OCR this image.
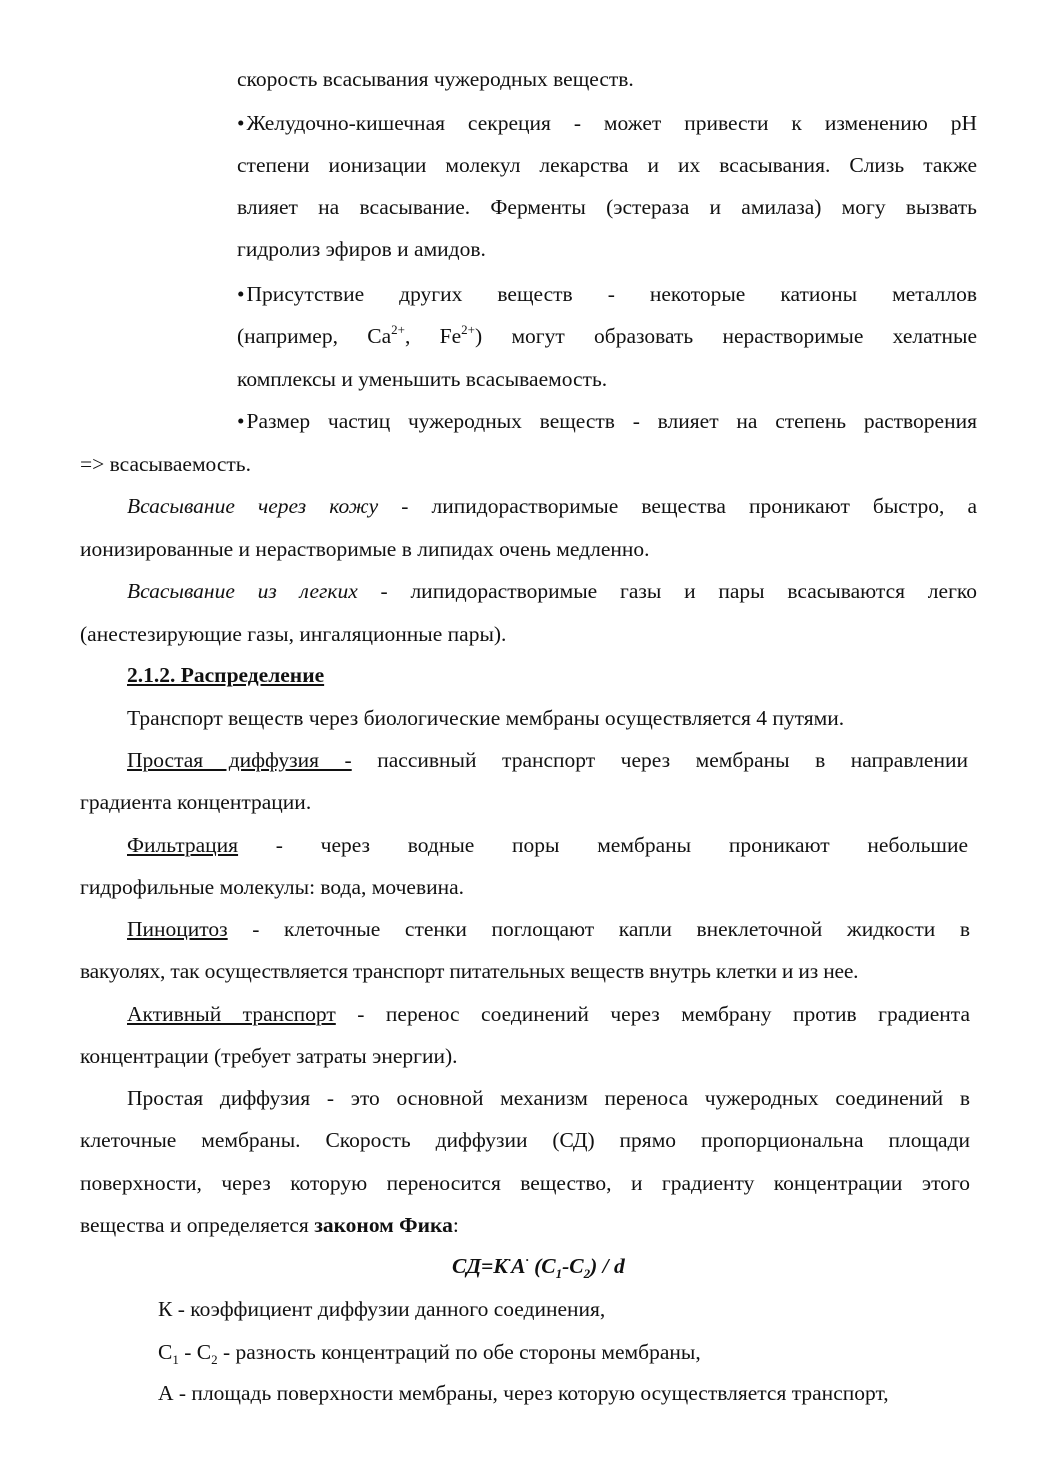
скорость всасывания чужеродных веществ.

•Желудочно-кишечная секреция - может привести к изменению pH

степени ионизации молекул лекарства и их всасывания. Слизь также

влияет на всасывание. Ферменты (эстераза и амилаза) могу вызвать

гидролиз эфиров и амидов.

•Присутствие других веществ - некоторые катионы металлов

(например, $Ca^{2+}$, $Fe^{2+}$) могут образовать нерастворимые хелатные

комплексы и уменьшить всасываемость.

•Размер частиц чужеродных веществ - влияет на степень растворения

=> всасываемость.

Всасывание через кожу - липидорастворимые вещества проникают быстро, а

ионизированные и нерастворимые в липидах очень медленно.

Всасывание из легких - липидорастворимые газы и пары всасываются легко

(анестезирующие газы, ингаляционные пары).

2.1.2. Распределение

Транспорт веществ через биологические мембраны осуществляется 4 путями.

Простая диффузия - пассивный транспорт через мембраны в направлении

градиента концентрации.

Фильтрация - через водные поры мембраны проникают небольшие

гидрофильные молекулы: вода, мочевина.

Пиноцитоз - клеточные стенки поглощают капли внеклеточной жидкости в

вакуолях, так осуществляется транспорт питательных веществ внутрь клетки и из нее.

Активный транспорт - перенос соединений через мембрану против градиента

концентрации (требует затраты энергии).

Простая диффузия - это основной механизм переноса чужеродных соединений в

клеточные мембраны. Скорость диффузии (СД) прямо пропорциональна площади

поверхности, через которую переносится вещество, и градиенту концентрации этого

вещества и определяется законом Фика:

СД=К·А· $(С_1-С_2)$ / d

К - коэффициент диффузии данного соединения,

$С_1 - С_2$ - разность концентраций по обе стороны мембраны,

А - площадь поверхности мембраны, через которую осуществляется транспорт,
